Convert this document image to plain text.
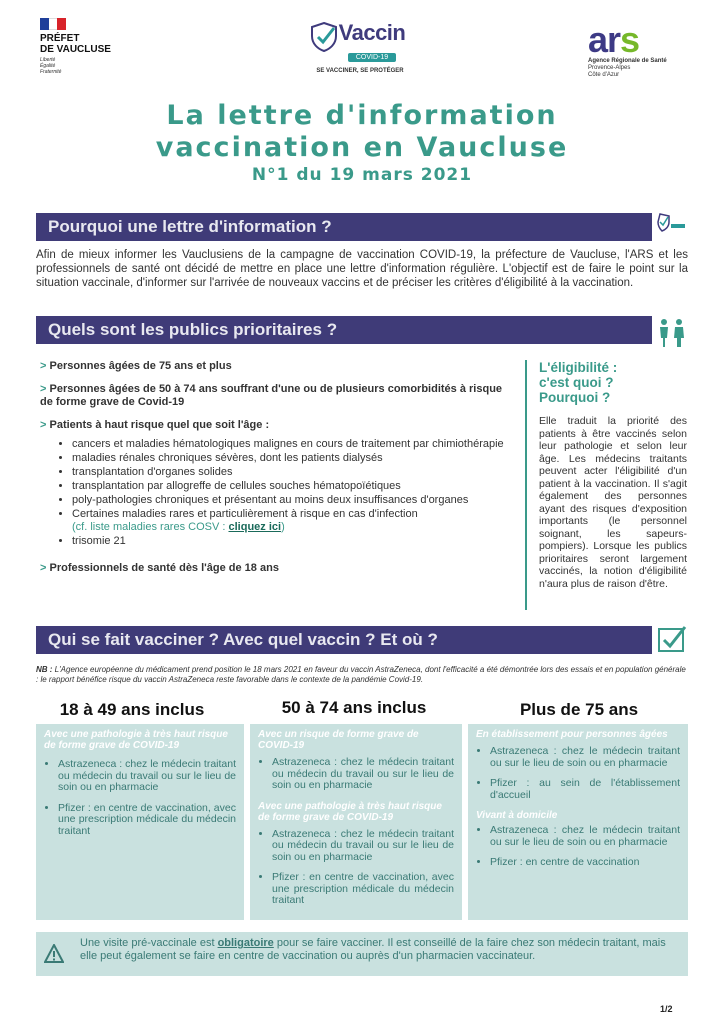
PRÉFET
DE VAUCLUSE
Liberté
Égalité
Fraternité
Vaccin
COVID-19
SE VACCINER, SE PROTÉGER
ars
Agence Régionale de Santé
Provence-Alpes
Côte d'Azur
La lettre d'information
vaccination en Vaucluse
N°1 du 19 mars 2021
Pourquoi une lettre d'information ?
Afin de mieux informer les Vauclusiens de la campagne de vaccination COVID-19, la préfecture de Vaucluse, l'ARS et les professionnels de santé ont décidé de mettre en place une lettre d'information régulière. L'objectif est de faire le point sur la situation vaccinale, d'informer sur l'arrivée de nouveaux vaccins et de préciser les critères d'éligibilité à la vaccination.
Quels sont les publics prioritaires ?
> Personnes âgées de 75 ans et plus
> Personnes âgées de 50 à 74 ans souffrant d'une ou de plusieurs comorbidités à risque de forme grave de Covid-19
> Patients à haut risque quel que soit l'âge :
• cancers et maladies hématologiques malignes en cours de traitement par chimiothérapie
• maladies rénales chroniques sévères, dont les patients dialysés
• transplantation d'organes solides
• transplantation par allogreffe de cellules souches hématopoïétiques
• poly-pathologies chroniques et présentant au moins deux insuffisances d'organes
• Certaines maladies rares et particulièrement à risque en cas d'infection
(cf. liste maladies rares COSV : cliquez ici)
• trisomie 21
> Professionnels de santé dès l'âge de 18 ans
L'éligibilité :
c'est quoi ?
Pourquoi ?
Elle traduit la priorité des patients à être vaccinés selon leur pathologie et selon leur âge. Les médecins traitants peuvent acter l'éligibilité d'un patient à la vaccination. Il s'agit également des personnes ayant des risques d'exposition importants (le personnel soignant, les sapeurs-pompiers). Lorsque les publics prioritaires seront largement vaccinés, la notion d'éligibilité n'aura plus de raison d'être.
Qui se fait vacciner ? Avec quel vaccin ? Et où ?
NB : L'Agence européenne du médicament prend position le 18 mars 2021 en faveur du vaccin AstraZeneca, dont l'efficacité a été démontrée lors des essais et en population générale : le rapport bénéfice risque du vaccin AstraZeneca reste favorable dans le contexte de la pandémie Covid-19.
18 à 49 ans inclus	50 à 74 ans inclus	Plus de 75 ans
Avec une pathologie à très haut risque de forme grave de COVID-19
• Astrazeneca : chez le médecin traitant ou médecin du travail ou sur le lieu de soin ou en pharmacie
• Pfizer : en centre de vaccination, avec une prescription médicale du médecin traitant
Avec un risque de forme grave de COVID-19
• Astrazeneca : chez le médecin traitant ou médecin du travail ou sur le lieu de soin ou en pharmacie
Avec une pathologie à très haut risque de forme grave de COVID-19
• Astrazeneca : chez le médecin traitant ou médecin du travail ou sur le lieu de soin ou en pharmacie
• Pfizer : en centre de vaccination, avec une prescription médicale du médecin traitant
En établissement pour personnes âgées
• Astrazeneca : chez le médecin traitant ou sur le lieu de soin ou en pharmacie
• Pfizer : au sein de l'établissement d'accueil
Vivant à domicile
• Astrazeneca : chez le médecin traitant ou sur le lieu de soin ou en pharmacie
• Pfizer : en centre de vaccination
Une visite pré-vaccinale est obligatoire pour se faire vacciner. Il est conseillé de la faire chez son médecin traitant, mais elle peut également se faire en centre de vaccination ou auprès d'un pharmacien vaccinateur.
1/2
